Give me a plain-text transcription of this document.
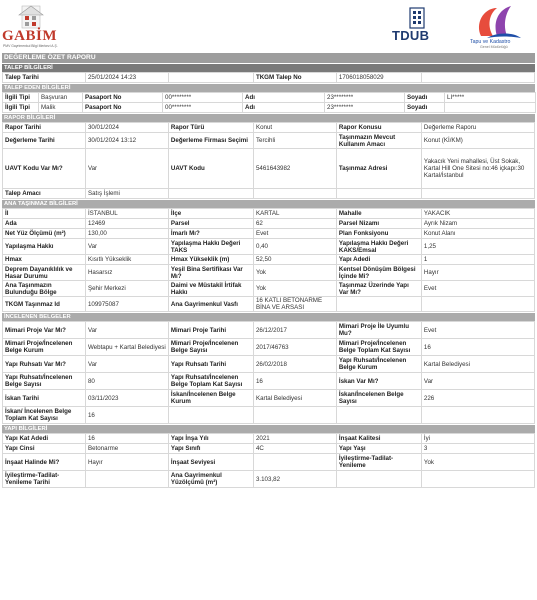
GABİM
PMV Gayrimenkul Bilgi Merkezi A.Ş.
TDUB	Tapu ve Kadastro
Genel Müdürlüğü
DEĞERLEME ÖZET RAPORU
TALEP BİLGİLERİ
Talep Tarihi	25/01/2024 14:23		TKGM Talep No	1706018058029	
TALEP EDEN BİLGİLERİ
İlgili Tipi	Başvuran	Pasaport No	00********	Adı	23********	Soyadı	LI*****
İlgili Tipi	Malik	Pasaport No	00********	Adı	23********	Soyadı	
RAPOR BİLGİLERİ
Rapor Tarihi	30/01/2024	Rapor Türü	Konut	Rapor Konusu	Değerleme Raporu
Değerleme Tarihi	30/01/2024 13:12	Değerleme Firması Seçimi	Tercihli	Taşınmazın Mevcut Kullanım Amacı	Konut (Kİ/KM)
UAVT Kodu Var Mı?	Var	UAVT Kodu	5461643982	Taşınmaz Adresi	Yakacık Yeni mahallesi, Üst Sokak, Kartal Hill One Sitesi no:46 içkapı:30 Kartal/İstanbul
Talep Amacı	Satış İşlemi				
ANA TAŞINMAZ BİLGİLERİ
İl	İSTANBUL	İlçe	KARTAL	Mahalle	YAKACIK
Ada	12469	Parsel	62	Parsel Nizamı	Ayrık Nizam
Net Yüz Ölçümü (m²)	130,00	İmarlı Mı?	Evet	Plan Fonksiyonu	Konut Alanı
Yapılaşma Hakkı	Var	Yapılaşma Hakkı Değeri TAKS	0,40	Yapılaşma Hakkı Değeri KAKS/Emsal	1,25
Hmax	Kısıtlı Yükseklik	Hmax Yükseklik (m)	52,50	Yapı Adedi	1
Deprem Dayanıklılık ve Hasar Durumu	Hasarsız	Yeşil Bina Sertifikası Var Mı?	Yok	Kentsel Dönüşüm Bölgesi İçinde Mi?	Hayır
Ana Taşınmazın Bulunduğu Bölge	Şehir Merkezi	Daimi ve Müstakil İrtifak Hakkı	Yok	Taşınmaz Üzerinde Yapı Var Mı?	Evet
TKGM Taşınmaz Id	109975087	Ana Gayrimenkul Vasfı	16 KATLI BETONARME BİNA VE ARSASI		
İNCELENEN BELGELER
Mimari Proje Var Mı?	Var	Mimari Proje Tarihi	26/12/2017	Mimari Proje İle Uyumlu Mu?	Evet
Mimari Proje/İncelenen Belge Kurum	Webtapu + Kartal Belediyesi	Mimari Proje/İncelenen Belge Sayısı	2017/46763	Mimari Proje/İncelenen Belge Toplam Kat Sayısı	16
Yapı Ruhsatı Var Mı?	Var	Yapı Ruhsatı Tarihi	26/02/2018	Yapı Ruhsatı/İncelenen Belge Kurum	Kartal Belediyesi
Yapı Ruhsatı/İncelenen Belge Sayısı	80	Yapı Ruhsatı/İncelenen Belge Toplam Kat Sayısı	16	İskan Var Mı?	Var
İskan Tarihi	03/11/2023	İskan/İncelenen Belge Kurum	Kartal Belediyesi	İskan/İncelenen Belge Sayısı	226
İskan/ İncelenen Belge Toplam Kat Sayısı	16				
YAPI BİLGİLERİ
Yapı Kat Adedi	16	Yapı İnşa Yılı	2021	İnşaat Kalitesi	İyi
Yapı Cinsi	Betonarme	Yapı Sınıfı	4C	Yapı Yaşı	3
İnşaat Halinde Mi?	Hayır	İnşaat Seviyesi		İyileştirme-Tadilat-Yenileme	Yok
İyileştirme-Tadilat-Yenileme Tarihi		Ana Gayrimenkul Yüzölçümü (m²)	3.103,82		
